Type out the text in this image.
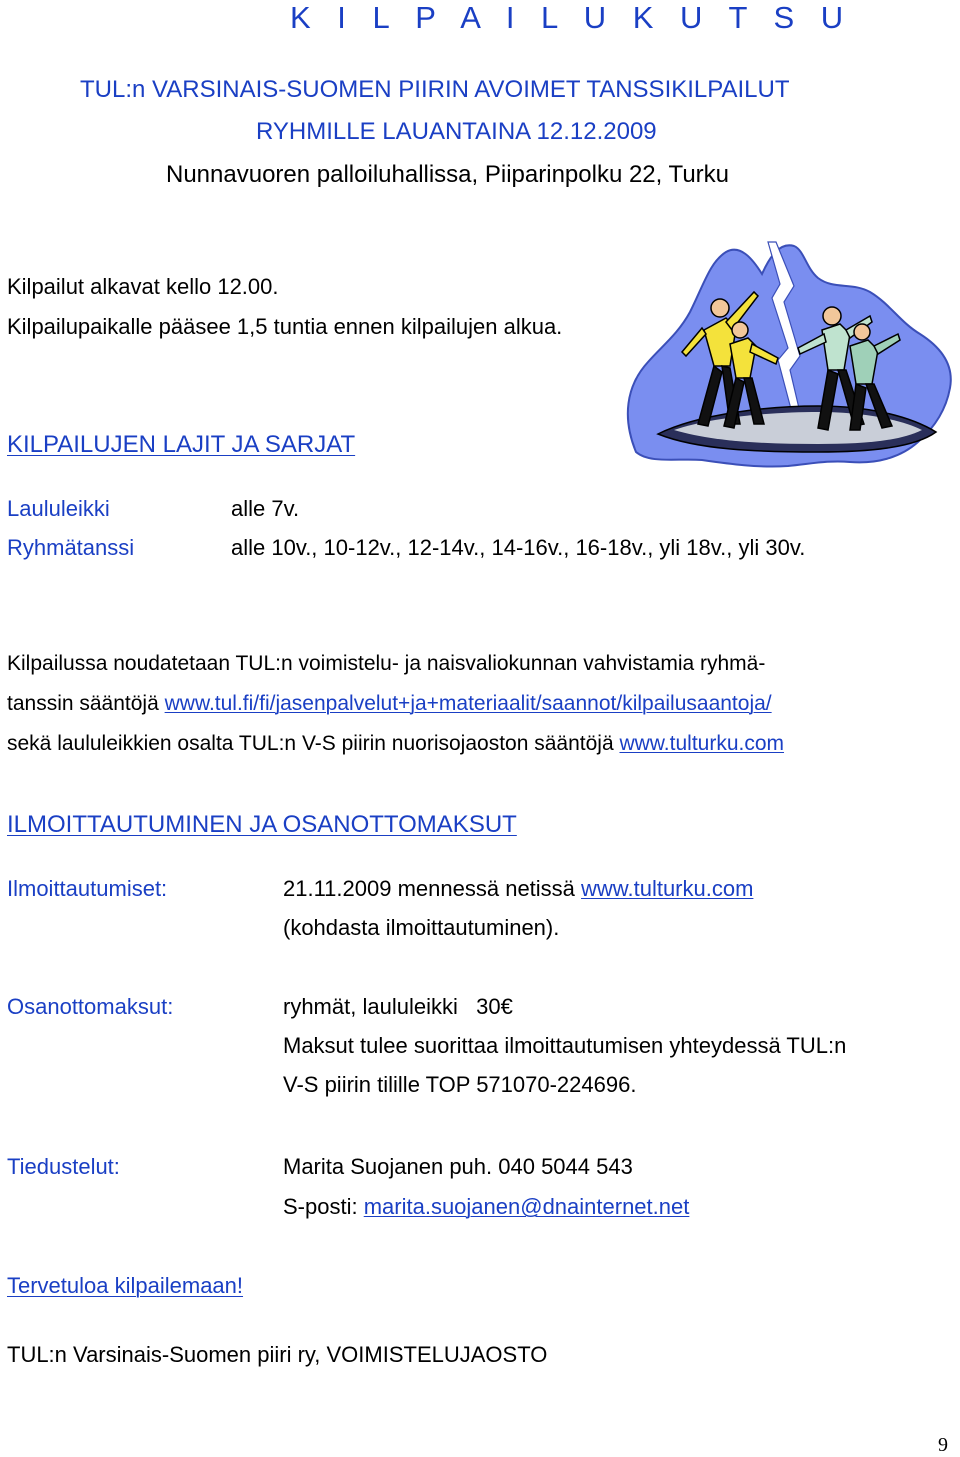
K I L P A I L U K U T S U
TUL:n VARSINAIS-SUOMEN PIIRIN AVOIMET TANSSIKILPAILUT
RYHMILLE LAUANTAINA 12.12.2009
Nunnavuoren palloiluhallissa, Piiparinpolku 22, Turku
Kilpailut alkavat kello 12.00.
Kilpailupaikalle pääsee 1,5 tuntia ennen kilpailujen alkua.
KILPAILUJEN LAJIT JA SARJAT
Laululeikki	alle 7v.
Ryhmätanssi	alle 10v., 10-12v., 12-14v., 14-16v., 16-18v., yli 18v., yli 30v.
Kilpailussa noudatetaan TUL:n voimistelu- ja naisvaliokunnan vahvistamia ryhmä-
tanssin sääntöjä www.tul.fi/fi/jasenpalvelut+ja+materiaalit/saannot/kilpailusaantoja/
sekä laululeikkien osalta TUL:n V-S piirin nuorisojaoston sääntöjä www.tulturku.com
ILMOITTAUTUMINEN JA OSANOTTOMAKSUT
Ilmoittautumiset:	21.11.2009 mennessä netissä www.tulturku.com
(kohdasta ilmoittautuminen).
Osanottomaksut:	ryhmät, laululeikki   30€
Maksut tulee suorittaa ilmoittautumisen yhteydessä TUL:n
V-S piirin tilille TOP 571070-224696.
Tiedustelut:	Marita Suojanen puh. 040 5044 543
S-posti: marita.suojanen@dnainternet.net
Tervetuloa kilpailemaan!
TUL:n Varsinais-Suomen piiri ry, VOIMISTELUJAOSTO
9
